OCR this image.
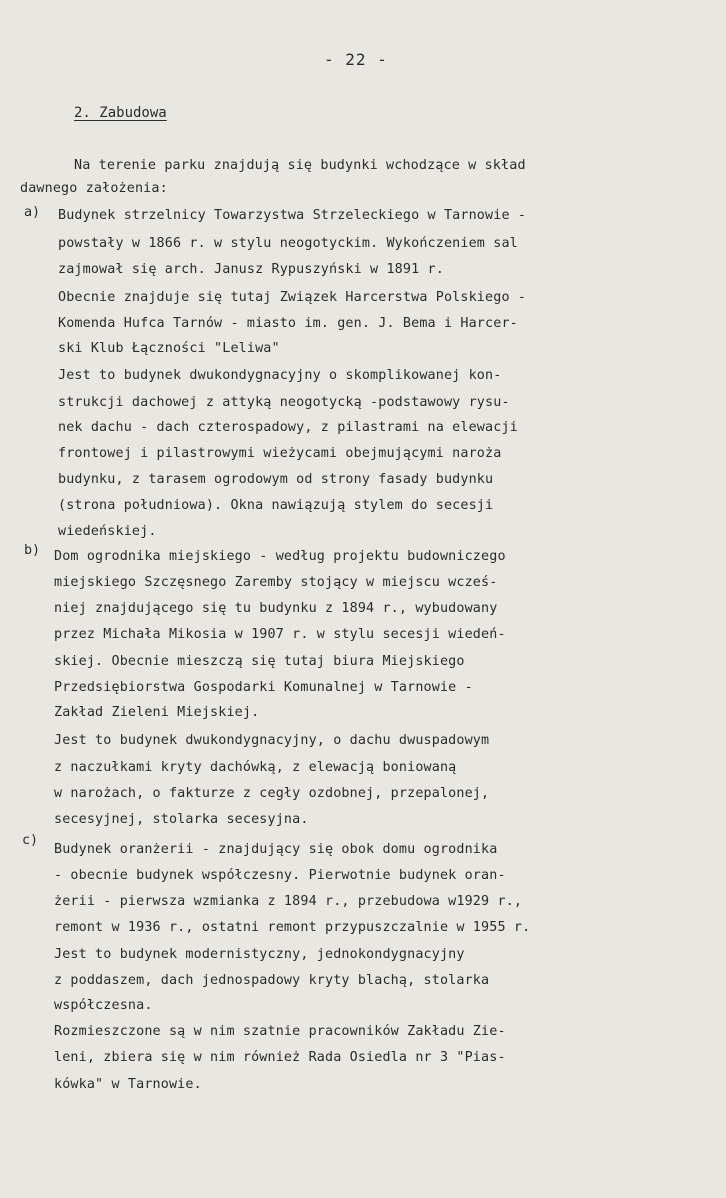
- 22 -
2. Zabudowa
Na terenie parku znajdują się budynki wchodzące w skład
dawnego założenia:
a) Budynek strzelnicy Towarzystwa Strzeleckiego w Tarnowie -
powstały w 1866 r. w stylu neogotyckim. Wykończeniem sal
zajmował się arch. Janusz Rypuszyński w 1891 r.
Obecnie znajduje się tutaj Związek Harcerstwa Polskiego -
Komenda Hufca Tarnów - miasto im. gen. J. Bema i Harcer-
ski Klub Łączności "Leliwa"
Jest to budynek dwukondygnacyjny o skomplikowanej kon-
strukcji dachowej z attyką neogotycką -podstawowy rysu-
nek dachu - dach czterospadowy, z pilastrami na elewacji
frontowej i pilastrowymi wieżycami obejmującymi naroża
budynku, z tarasem ogrodowym od strony fasady budynku
(strona południowa). Okna nawiązują stylem do secesji
wiedeńskiej.
b) Dom ogrodnika miejskiego - według projektu budowniczego
miejskiego Szczęsnego Zaremby stojący w miejscu wcześ-
niej znajdującego się tu budynku z 1894 r., wybudowany
przez Michała Mikosia w 1907 r. w stylu secesji wiedeń-
skiej. Obecnie mieszczą się tutaj biura Miejskiego
Przedsiębiorstwa Gospodarki Komunalnej w Tarnowie -
Zakład Zieleni Miejskiej.
Jest to budynek dwukondygnacyjny, o dachu dwuspadowym
z naczułkami kryty dachówką, z elewacją boniowaną
w narożach, o fakturze z cegły ozdobnej, przepalonej,
secesyjnej, stolarka secesyjna.
c)
Budynek oranżerii - znajdujący się obok domu ogrodnika
- obecnie budynek współczesny. Pierwotnie budynek oran-
żerii - pierwsza wzmianka z 1894 r., przebudowa w1929 r.,
remont w 1936 r., ostatni remont przypuszczalnie w 1955 r.
Jest to budynek modernistyczny, jednokondygnacyjny
z poddaszem, dach jednospadowy kryty blachą, stolarka
współczesna.
Rozmieszczone są w nim szatnie pracowników Zakładu Zie-
leni, zbiera się w nim również Rada Osiedla nr 3 "Pias-
kówka" w Tarnowie.
